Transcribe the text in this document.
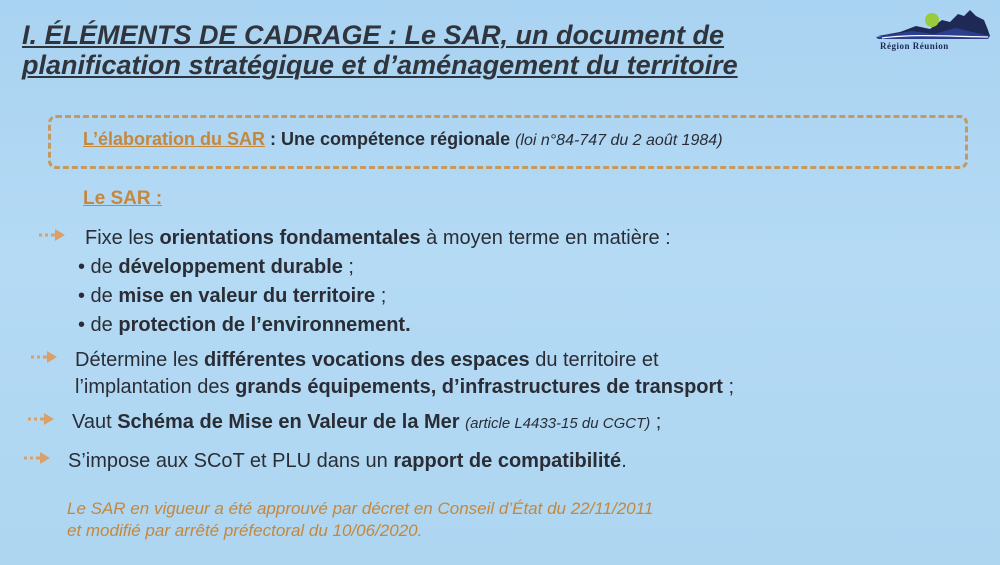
I. ÉLÉMENTS DE CADRAGE : Le SAR, un document de
planification stratégique et d’aménagement du territoire
Région Réunion
L’élaboration du SAR : Une compétence régionale (loi n°84-747 du 2 août 1984)
Le SAR :
Fixe les orientations fondamentales à moyen terme en matière :
• de développement durable ;
• de mise en valeur du territoire ;
• de protection de l’environnement.
Détermine les différentes vocations des espaces du territoire et
l’implantation des grands équipements, d’infrastructures de transport ;
Vaut Schéma de Mise en Valeur de la Mer (article L4433-15 du CGCT) ;
S’impose aux SCoT et PLU dans un rapport de compatibilité.
Le SAR en vigueur a été approuvé par décret en Conseil d’État du 22/11/2011
et modifié par arrêté préfectoral du 10/06/2020.
